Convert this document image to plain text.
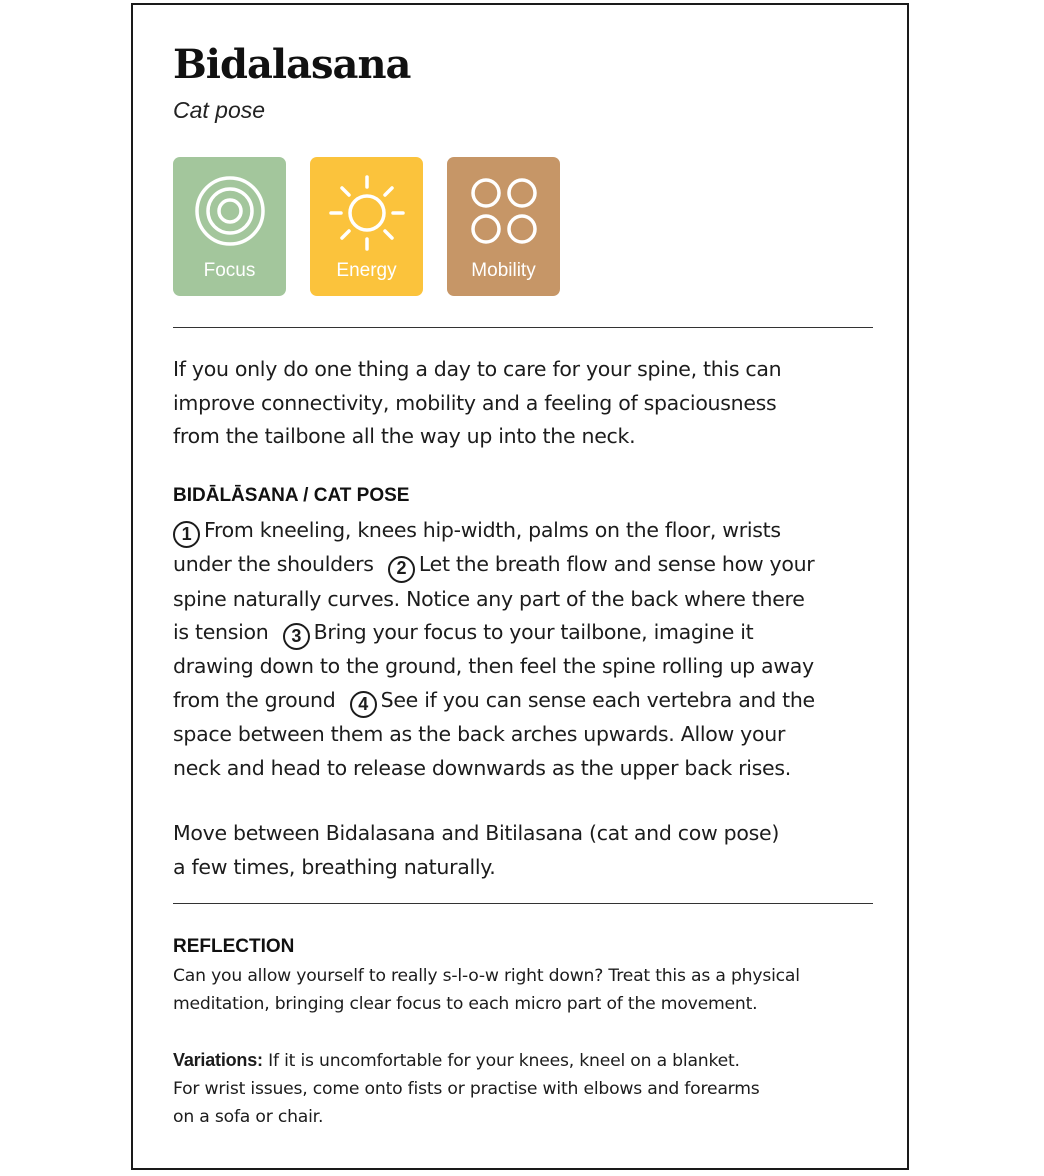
Bidalasana
Cat pose
Focus	Energy	Mobility
If you only do one thing a day to care for your spine, this can
improve connectivity, mobility and a feeling of spaciousness
from the tailbone all the way up into the neck.
BIDĀLĀSANA / CAT POSE
1 From kneeling, knees hip-width, palms on the floor, wrists
under the shoulders 2 Let the breath flow and sense how your
spine naturally curves. Notice any part of the back where there
is tension 3 Bring your focus to your tailbone, imagine it
drawing down to the ground, then feel the spine rolling up away
from the ground 4 See if you can sense each vertebra and the
space between them as the back arches upwards. Allow your
neck and head to release downwards as the upper back rises.
Move between Bidalasana and Bitilasana (cat and cow pose)
a few times, breathing naturally.
REFLECTION
Can you allow yourself to really s-l-o-w right down? Treat this as a physical
meditation, bringing clear focus to each micro part of the movement.
Variations: If it is uncomfortable for your knees, kneel on a blanket.
For wrist issues, come onto fists or practise with elbows and forearms
on a sofa or chair.
